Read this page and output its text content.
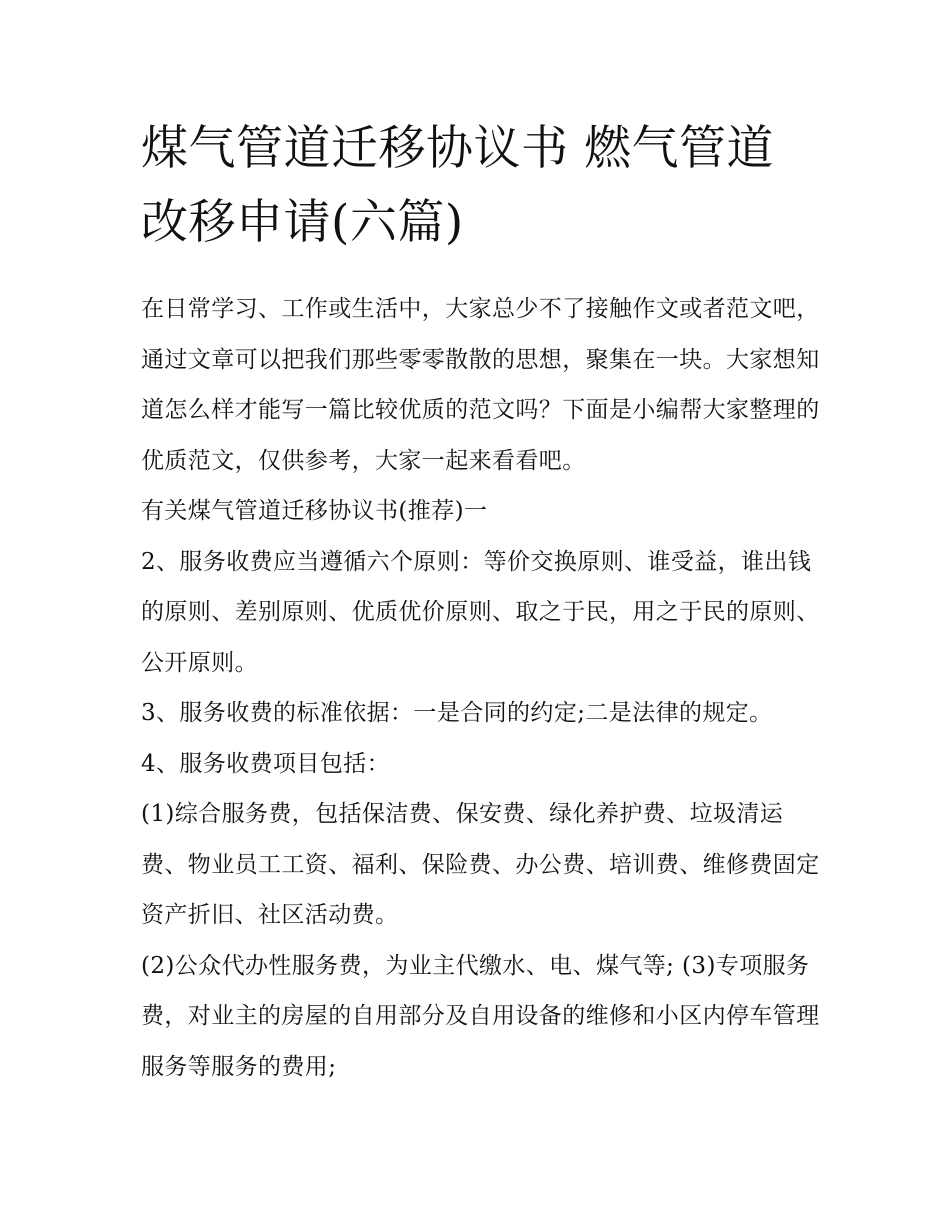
煤气管道迁移协议书 燃气管道改移申请(六篇)

在日常学习、工作或生活中，大家总少不了接触作文或者范文吧，通过文章可以把我们那些零零散散的思想，聚集在一块。大家想知道怎么样才能写一篇比较优质的范文吗？下面是小编帮大家整理的优质范文，仅供参考，大家一起来看看吧。

有关煤气管道迁移协议书(推荐)一

2、服务收费应当遵循六个原则：等价交换原则、谁受益，谁出钱的原则、差别原则、优质优价原则、取之于民，用之于民的原则、公开原则。

3、服务收费的标准依据：一是合同的约定;二是法律的规定。

4、服务收费项目包括：

(1)综合服务费，包括保洁费、保安费、绿化养护费、垃圾清运费、物业员工工资、福利、保险费、办公费、培训费、维修费固定资产折旧、社区活动费。

(2)公众代办性服务费，为业主代缴水、电、煤气等; (3)专项服务费，对业主的房屋的自用部分及自用设备的维修和小区内停车管理服务等服务的费用;
